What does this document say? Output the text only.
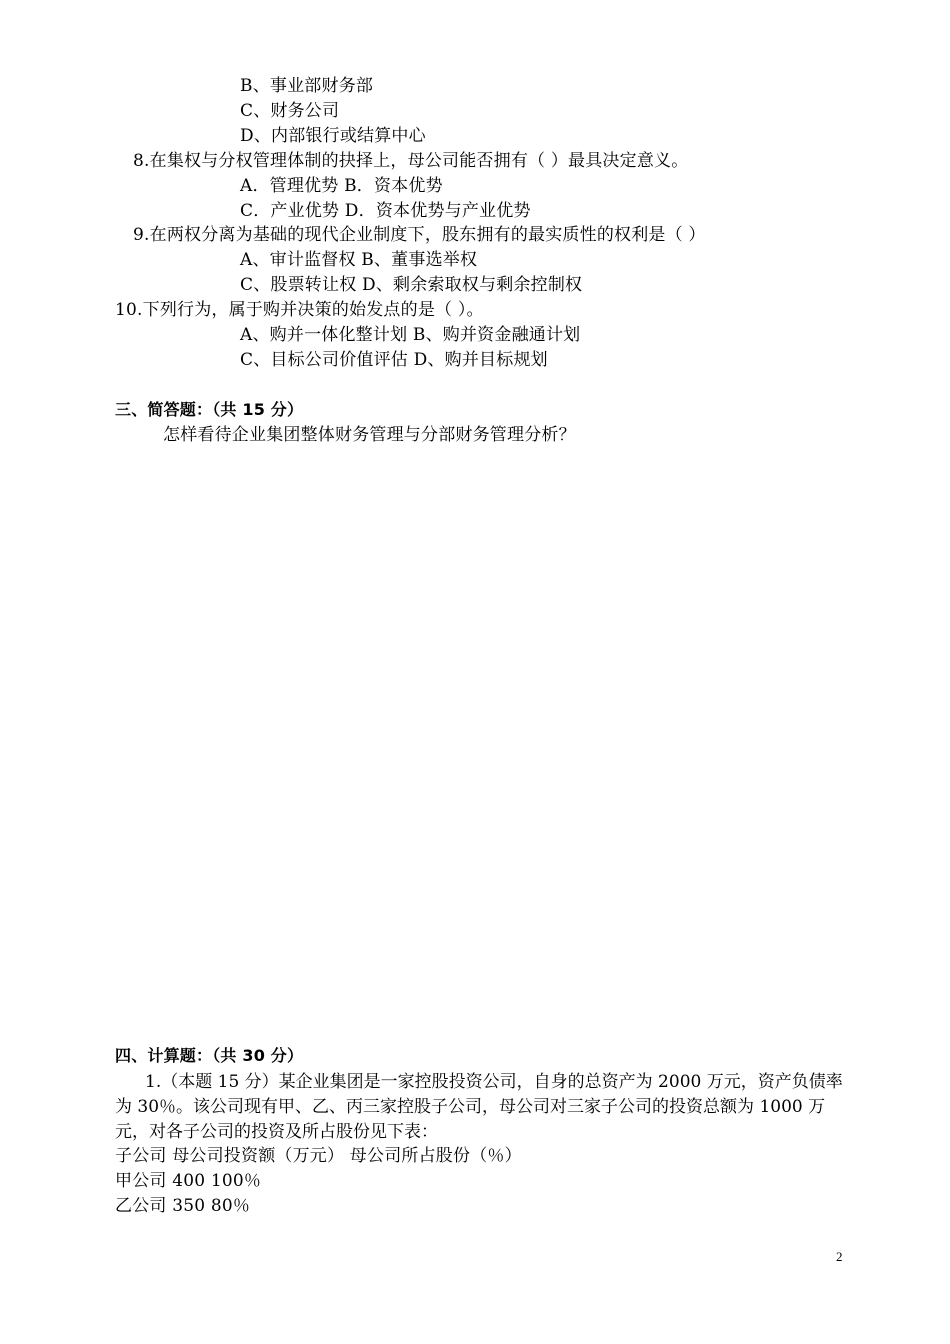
B、事业部财务部
C、财务公司
D、内部银行或结算中心
8.在集权与分权管理体制的抉择上，母公司能否拥有（ ）最具决定意义。
A．管理优势 B．资本优势
C．产业优势 D．资本优势与产业优势
9.在两权分离为基础的现代企业制度下，股东拥有的最实质性的权利是（ ）
A、审计监督权 B、董事选举权
C、股票转让权 D、剩余索取权与剩余控制权
10.下列行为，属于购并决策的始发点的是（ ）。
A、购并一体化整计划 B、购并资金融通计划
C、目标公司价值评估 D、购并目标规划
三、简答题：（共 15 分）
怎样看待企业集团整体财务管理与分部财务管理分析？
四、计算题：（共 30 分）
1.（本题 15 分）某企业集团是一家控股投资公司，自身的总资产为 2000 万元，资产负债率为 30％。该公司现有甲、乙、丙三家控股子公司，母公司对三家子公司的投资总额为 1000 万元，对各子公司的投资及所占股份见下表：
子公司 母公司投资额（万元） 母公司所占股份（％）
甲公司 400 100％
乙公司 350 80％
2
